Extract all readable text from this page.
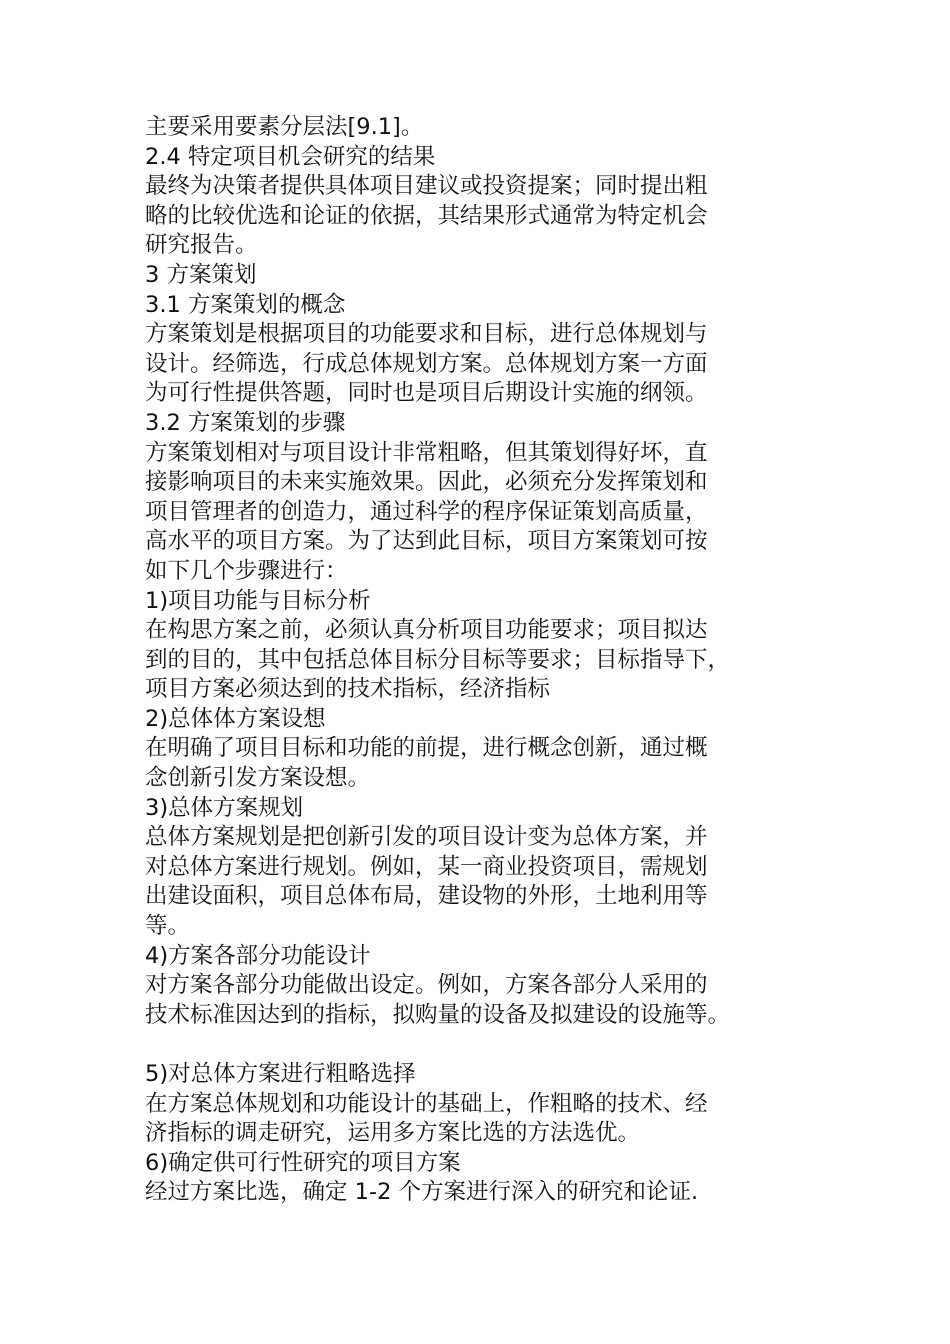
主要采用要素分层法[9.1]。
2.4 特定项目机会研究的结果
最终为决策者提供具体项目建议或投资提案；同时提出粗
略的比较优选和论证的依据，其结果形式通常为特定机会
研究报告。
3 方案策划
3.1 方案策划的概念
方案策划是根据项目的功能要求和目标，进行总体规划与
设计。经筛选，行成总体规划方案。总体规划方案一方面
为可行性提供答题，同时也是项目后期设计实施的纲领。
3.2 方案策划的步骤
方案策划相对与项目设计非常粗略，但其策划得好坏，直
接影响项目的未来实施效果。因此，必须充分发挥策划和
项目管理者的创造力，通过科学的程序保证策划高质量，
高水平的项目方案。为了达到此目标，项目方案策划可按
如下几个步骤进行：
1)项目功能与目标分析
在构思方案之前，必须认真分析项目功能要求；项目拟达
到的目的，其中包括总体目标分目标等要求；目标指导下，
项目方案必须达到的技术指标，经济指标
2)总体体方案设想
在明确了项目目标和功能的前提，进行概念创新，通过概
念创新引发方案设想。
3)总体方案规划
总体方案规划是把创新引发的项目设计变为总体方案，并
对总体方案进行规划。例如，某一商业投资项目，需规划
出建设面积，项目总体布局，建设物的外形，土地利用等
等。
4)方案各部分功能设计
对方案各部分功能做出设定。例如，方案各部分人采用的
技术标准因达到的指标，拟购量的设备及拟建设的设施等。
5)对总体方案进行粗略选择
在方案总体规划和功能设计的基础上，作粗略的技术、经
济指标的调走研究，运用多方案比选的方法选优。
6)确定供可行性研究的项目方案
经过方案比选，确定 1-2 个方案进行深入的研究和论证.
